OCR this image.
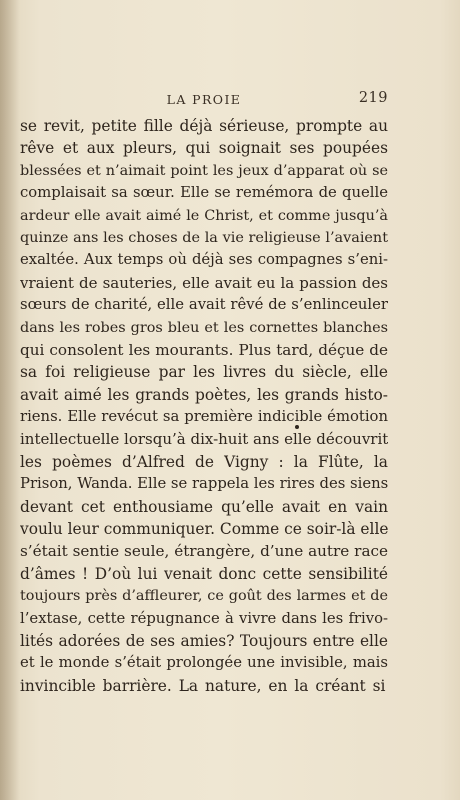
LA PROIE	219
se revit, petite fille déjà sérieuse, prompte au
rêve et aux pleurs, qui soignait ses poupées
blessées et n’aimait point les jeux d’apparat où se
complaisait sa sœur. Elle se remémora de quelle
ardeur elle avait aimé le Christ, et comme jusqu’à
quinze ans les choses de la vie religieuse l’avaient
exaltée. Aux temps où déjà ses compagnes s’eni-
vraient de sauteries, elle avait eu la passion des
sœurs de charité, elle avait rêvé de s’enlinceuler
dans les robes gros bleu et les cornettes blanches
qui consolent les mourants. Plus tard, déçue de
sa foi religieuse par les livres du siècle, elle
avait aimé les grands poètes, les grands histo-
riens. Elle revécut sa première indicible émotion
intellectuelle lorsqu’à dix-huit ans elle découvrit
les poèmes d’Alfred de Vigny : la Flûte, la
Prison, Wanda. Elle se rappela les rires des siens
devant cet enthousiame qu’elle avait en vain
voulu leur communiquer. Comme ce soir-là elle
s’était sentie seule, étrangère, d’une autre race
d’âmes ! D’où lui venait donc cette sensibilité
toujours près d’affleurer, ce goût des larmes et de
l’extase, cette répugnance à vivre dans les frivo-
lités adorées de ses amies? Toujours entre elle
et le monde s’était prolongée une invisible, mais
invincible barrière. La nature, en la créant si
